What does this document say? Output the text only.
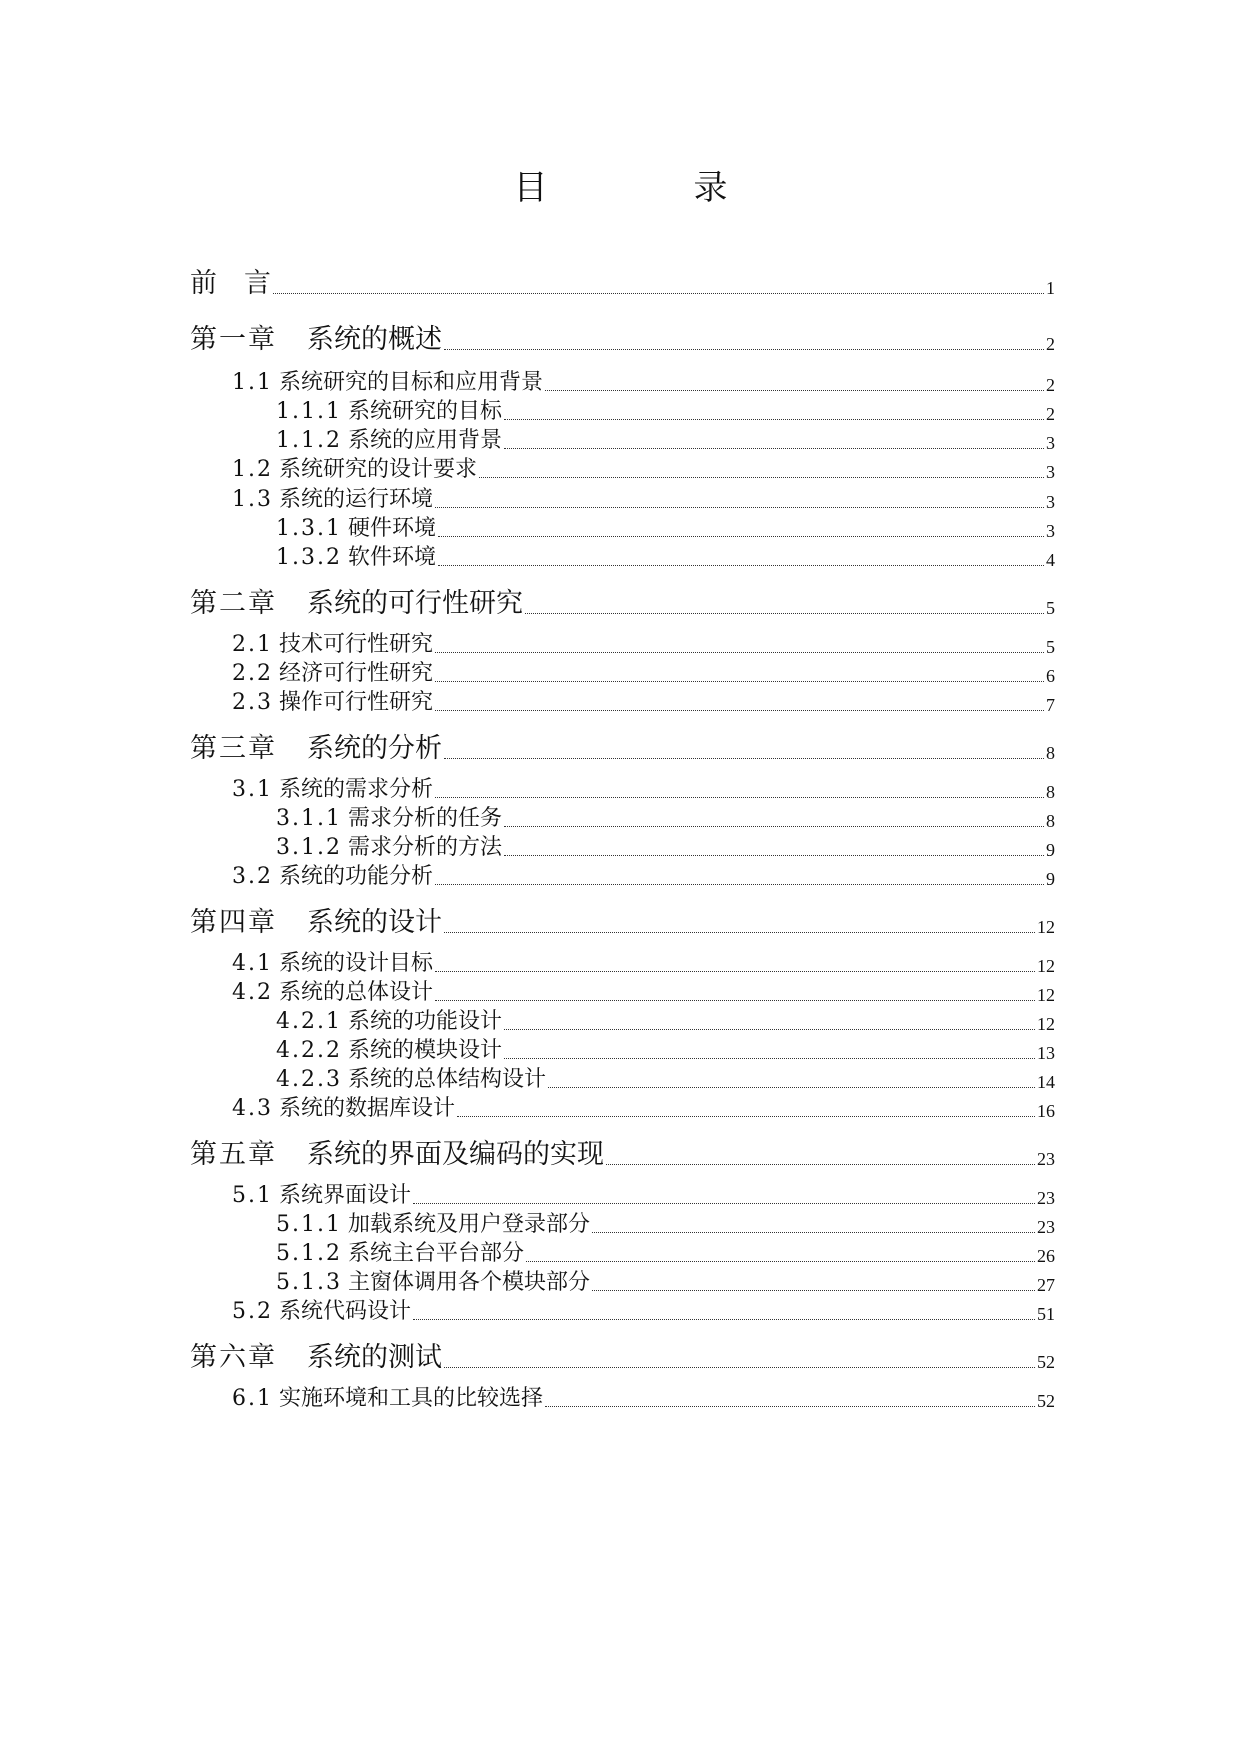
目　录
前　言	1
第一章 系统的概述	2
1.1 系统研究的目标和应用背景	2
1.1.1 系统研究的目标	2
1.1.2 系统的应用背景	3
1.2 系统研究的设计要求	3
1.3 系统的运行环境	3
1.3.1 硬件环境	3
1.3.2 软件环境	4
第二章 系统的可行性研究	5
2.1 技术可行性研究	5
2.2 经济可行性研究	6
2.3 操作可行性研究	7
第三章 系统的分析	8
3.1 系统的需求分析	8
3.1.1 需求分析的任务	8
3.1.2 需求分析的方法	9
3.2 系统的功能分析	9
第四章 系统的设计	12
4.1 系统的设计目标	12
4.2 系统的总体设计	12
4.2.1 系统的功能设计	12
4.2.2 系统的模块设计	13
4.2.3 系统的总体结构设计	14
4.3 系统的数据库设计	16
第五章 系统的界面及编码的实现	23
5.1 系统界面设计	23
5.1.1 加载系统及用户登录部分	23
5.1.2 系统主台平台部分	26
5.1.3 主窗体调用各个模块部分	27
5.2 系统代码设计	51
第六章 系统的测试	52
6.1 实施环境和工具的比较选择	52
